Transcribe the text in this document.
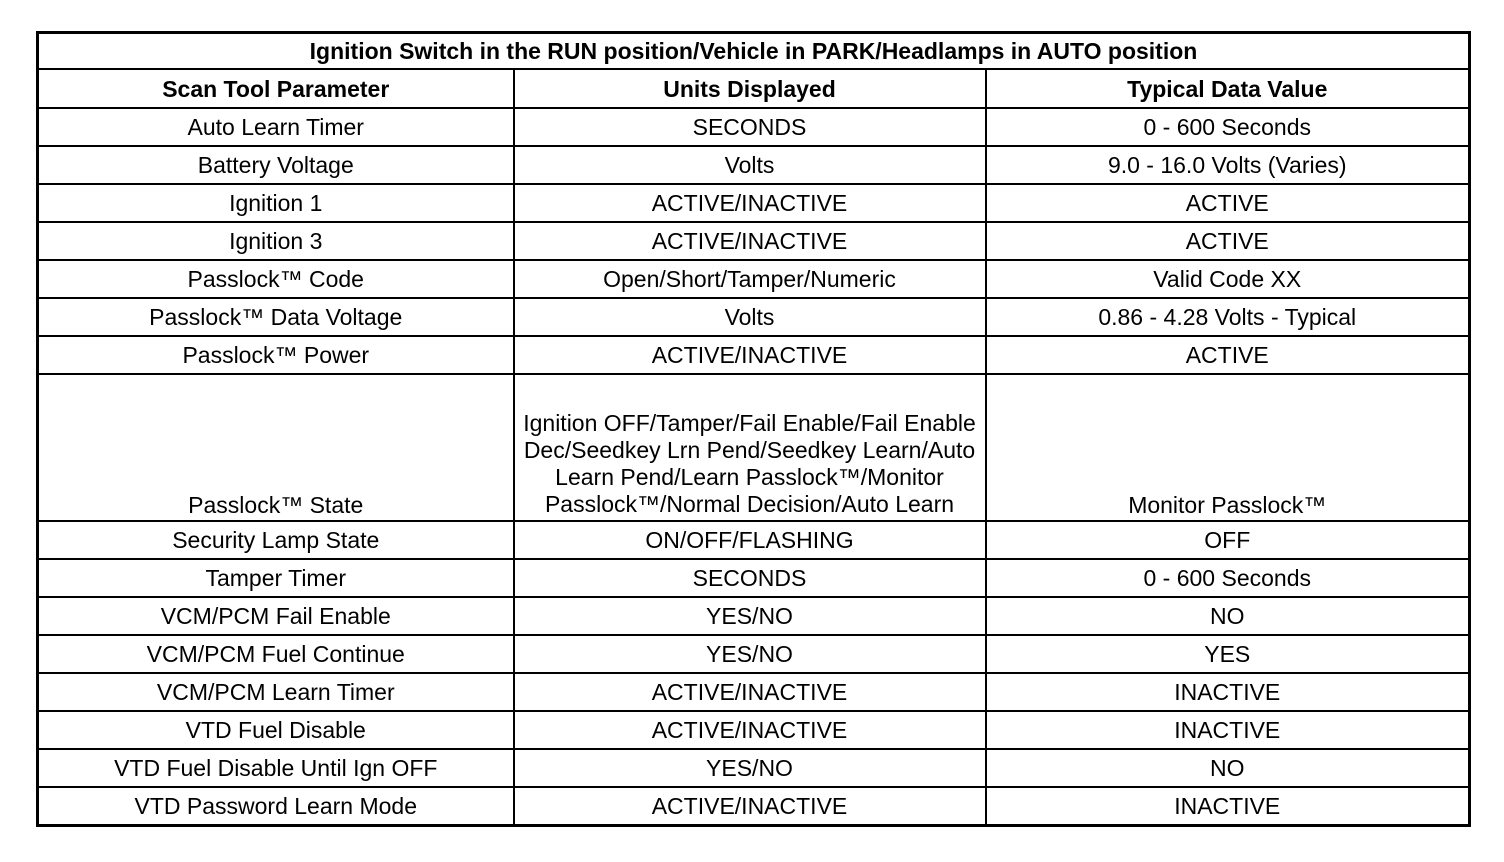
Ignition Switch in the RUN position/Vehicle in PARK/Headlamps in AUTO position		
Scan Tool Parameter	Units Displayed	Typical Data Value
Auto Learn Timer	SECONDS	0 - 600 Seconds
Battery Voltage	Volts	9.0 - 16.0 Volts (Varies)
Ignition 1	ACTIVE/INACTIVE	ACTIVE
Ignition 3	ACTIVE/INACTIVE	ACTIVE
Passlock™ Code	Open/Short/Tamper/Numeric	Valid Code XX
Passlock™ Data Voltage	Volts	0.86 - 4.28 Volts - Typical
Passlock™ Power	ACTIVE/INACTIVE	ACTIVE
Passlock™ State	Ignition OFF/Tamper/Fail Enable/Fail Enable Dec/Seedkey Lrn Pend/Seedkey Learn/Auto Learn Pend/Learn Passlock™/Monitor Passlock™/Normal Decision/Auto Learn	Monitor Passlock™
Security Lamp State	ON/OFF/FLASHING	OFF
Tamper Timer	SECONDS	0 - 600 Seconds
VCM/PCM Fail Enable	YES/NO	NO
VCM/PCM Fuel Continue	YES/NO	YES
VCM/PCM Learn Timer	ACTIVE/INACTIVE	INACTIVE
VTD Fuel Disable	ACTIVE/INACTIVE	INACTIVE
VTD Fuel Disable Until Ign OFF	YES/NO	NO
VTD Password Learn Mode	ACTIVE/INACTIVE	INACTIVE
